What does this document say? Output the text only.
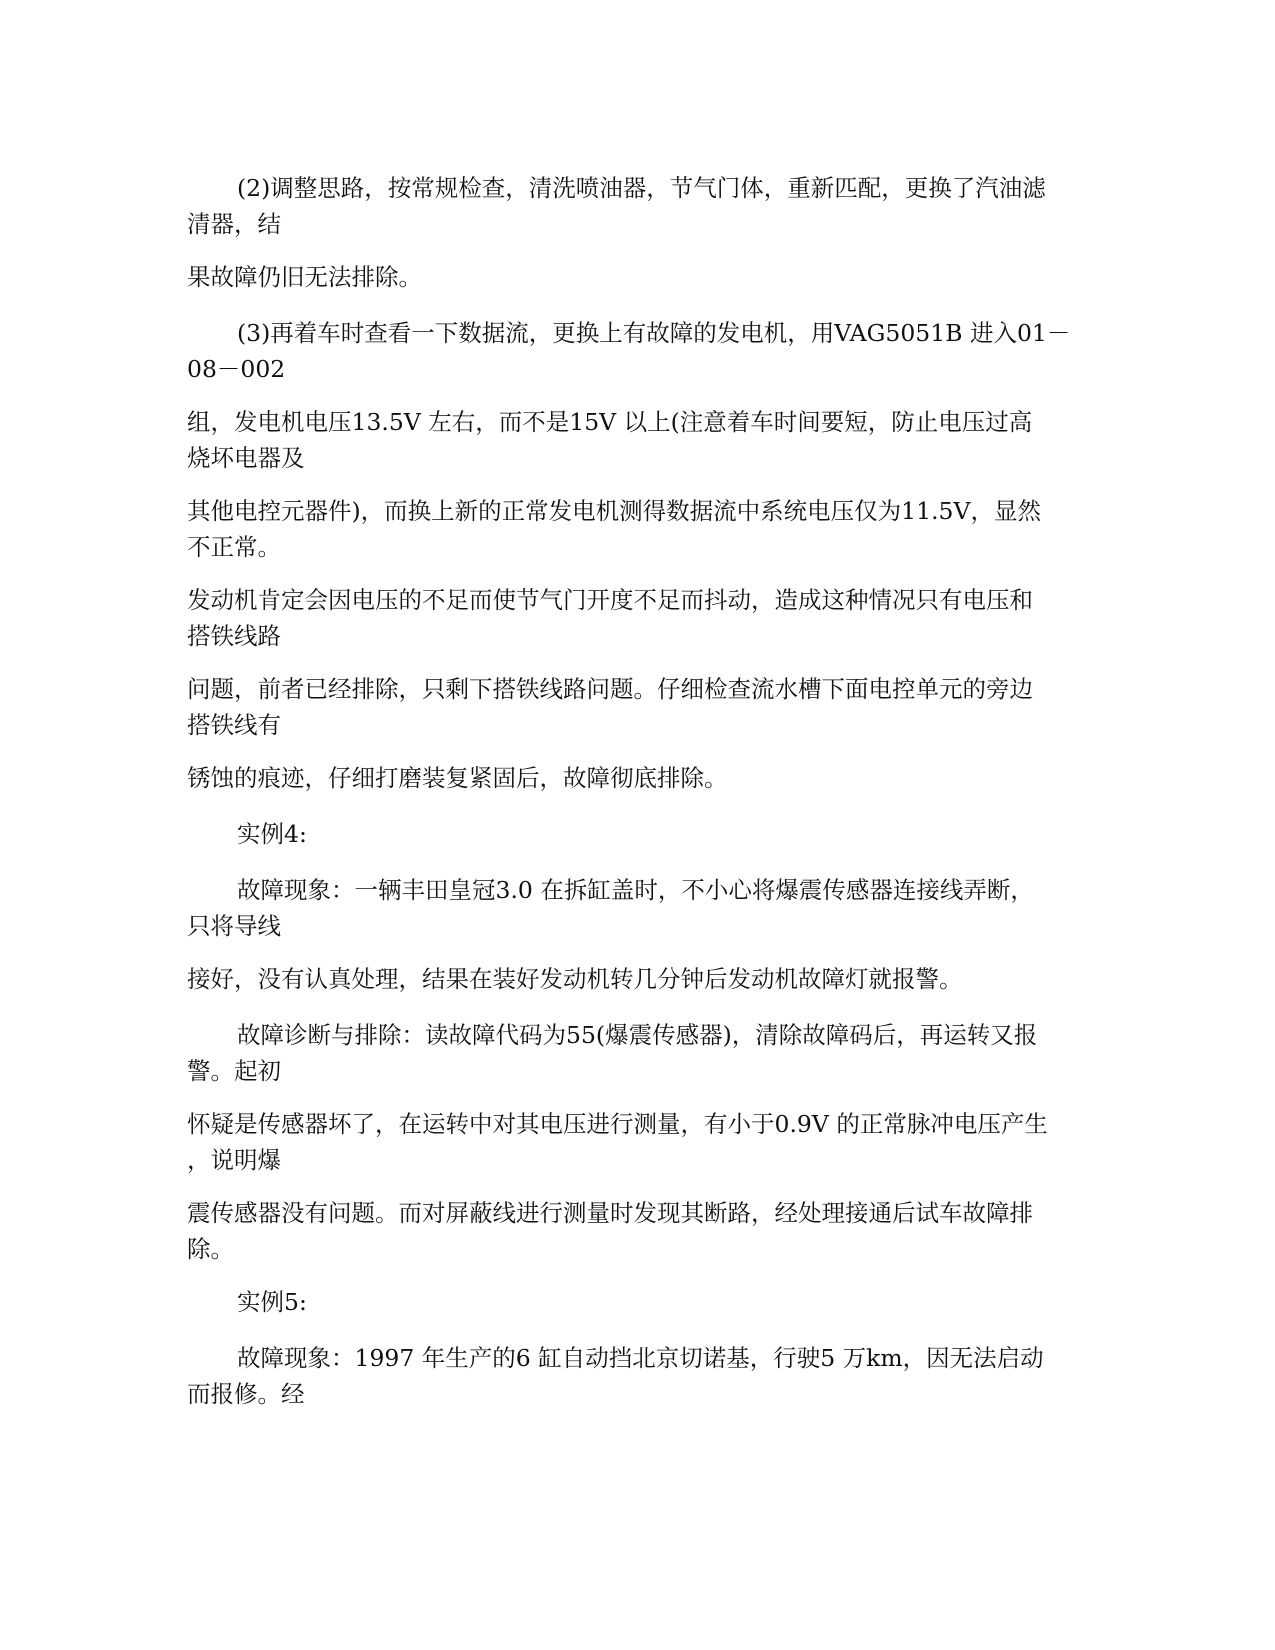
(2)调整思路，按常规检查，清洗喷油器，节气门体，重新匹配，更换了汽油滤
清器，结

果故障仍旧无法排除。

(3)再着车时查看一下数据流，更换上有故障的发电机，用VAG5051B 进入01－
08－002

组，发电机电压13.5V 左右，而不是15V 以上(注意着车时间要短，防止电压过高
烧坏电器及

其他电控元器件)，而换上新的正常发电机测得数据流中系统电压仅为11.5V，显然
不正常。

发动机肯定会因电压的不足而使节气门开度不足而抖动，造成这种情况只有电压和
搭铁线路

问题，前者已经排除，只剩下搭铁线路问题。仔细检查流水槽下面电控单元的旁边
搭铁线有

锈蚀的痕迹，仔细打磨装复紧固后，故障彻底排除。

实例4:

故障现象：一辆丰田皇冠3.0 在拆缸盖时，不小心将爆震传感器连接线弄断，
只将导线

接好，没有认真处理，结果在装好发动机转几分钟后发动机故障灯就报警。

故障诊断与排除：读故障代码为55(爆震传感器)，清除故障码后，再运转又报
警。起初

怀疑是传感器坏了，在运转中对其电压进行测量，有小于0.9V 的正常脉冲电压产生
，说明爆

震传感器没有问题。而对屏蔽线进行测量时发现其断路，经处理接通后试车故障排
除。

实例5:

故障现象：1997 年生产的6 缸自动挡北京切诺基，行驶5 万km，因无法启动
而报修。经
